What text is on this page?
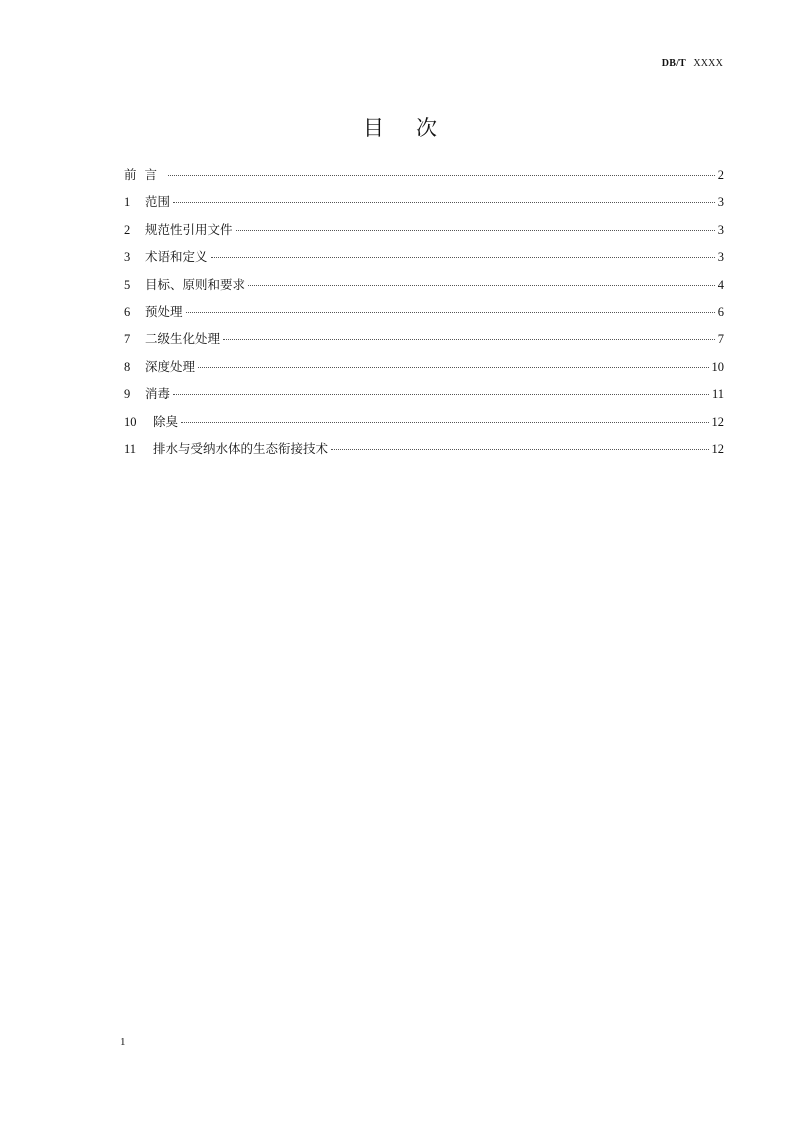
DB/T XXXX
目次
前言	2
1	范围	3
2	规范性引用文件	3
3	术语和定义	3
5	目标、原则和要求	4
6	预处理	6
7	二级生化处理	7
8	深度处理	10
9	消毒	11
10	除臭	12
11	排水与受纳水体的生态衔接技术	12
1
